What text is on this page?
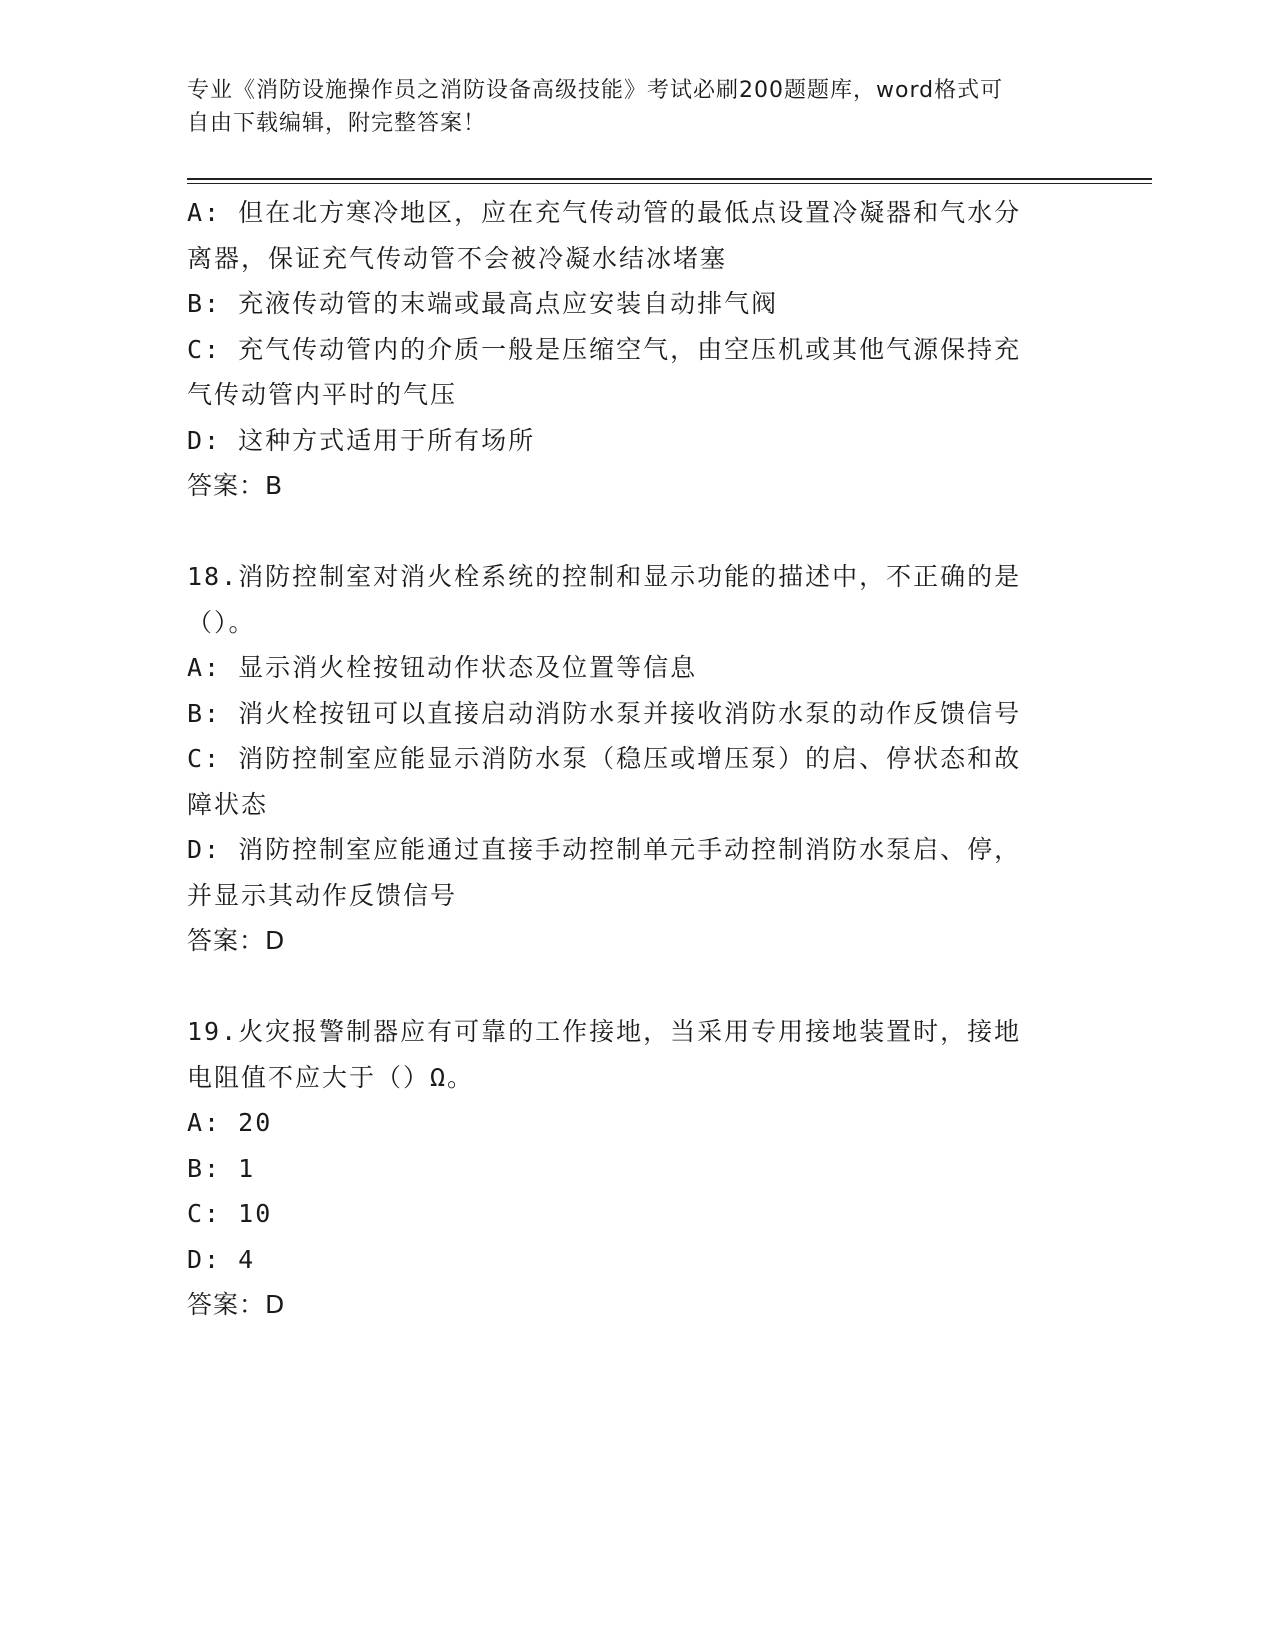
专业《消防设施操作员之消防设备高级技能》考试必刷200题题库，word格式可
自由下载编辑，附完整答案！
A: 但在北方寒冷地区，应在充气传动管的最低点设置冷凝器和气水分
离器，保证充气传动管不会被冷凝水结冰堵塞
B: 充液传动管的末端或最高点应安装自动排气阀
C: 充气传动管内的介质一般是压缩空气，由空压机或其他气源保持充
气传动管内平时的气压
D: 这种方式适用于所有场所
答案：B
18.消防控制室对消火栓系统的控制和显示功能的描述中，不正确的是
（）。
A: 显示消火栓按钮动作状态及位置等信息
B: 消火栓按钮可以直接启动消防水泵并接收消防水泵的动作反馈信号
C: 消防控制室应能显示消防水泵（稳压或增压泵）的启、停状态和故
障状态
D: 消防控制室应能通过直接手动控制单元手动控制消防水泵启、停，
并显示其动作反馈信号
答案：D
19.火灾报警制器应有可靠的工作接地，当采用专用接地装置时，接地
电阻值不应大于（）Ω。
A: 20
B: 1
C: 10
D: 4
答案：D
